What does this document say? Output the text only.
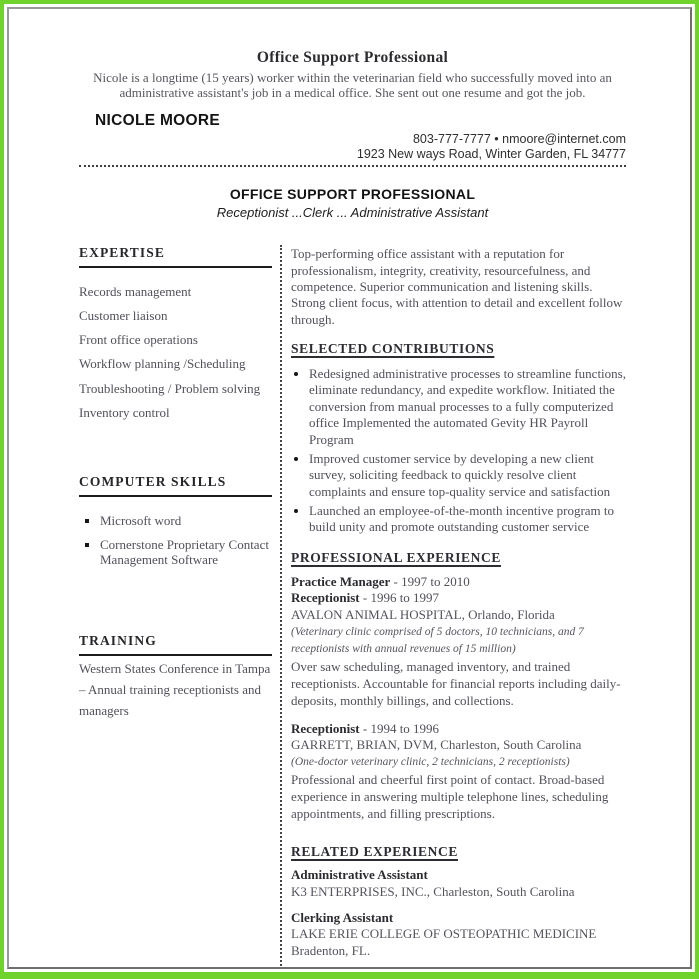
Office Support Professional

Nicole is a longtime (15 years) worker within the veterinarian field who successfully moved into an administrative assistant's job in a medical office. She sent out one resume and got the job.

NICOLE MOORE
803-777-7777 • nmoore@internet.com
1923 New ways Road, Winter Garden, FL 34777
OFFICE SUPPORT PROFESSIONAL
Receptionist ...Clerk ... Administrative Assistant
EXPERTISE
Records management
Customer liaison
Front office operations
Workflow planning /Scheduling
Troubleshooting / Problem solving
Inventory control
COMPUTER SKILLS
▪ Microsoft word
▪ Cornerstone Proprietary Contact Management Software
TRAINING

Western States Conference in Tampa – Annual training receptionists and managers

Top-performing office assistant with a reputation for professionalism, integrity, creativity, resourcefulness, and competence. Superior communication and listening skills. Strong client focus, with attention to detail and excellent follow through.

SELECTED CONTRIBUTIONS
• Redesigned administrative processes to streamline functions, eliminate redundancy, and expedite workflow. Initiated the conversion from manual processes to a fully computerized office Implemented the automated Gevity HR Payroll Program
• Improved customer service by developing a new client survey, soliciting feedback to quickly resolve client complaints and ensure top-quality service and satisfaction
• Launched an employee-of-the-month incentive program to build unity and promote outstanding customer service
PROFESSIONAL EXPERIENCE
Practice Manager - 1997 to 2010
Receptionist - 1996 to 1997
AVALON ANIMAL HOSPITAL, Orlando, Florida
(Veterinary clinic comprised of 5 doctors, 10 technicians, and 7 receptionists with annual revenues of 15 million)

Over saw scheduling, managed inventory, and trained receptionists. Accountable for financial reports including daily-deposits, monthly billings, and collections.

Receptionist - 1994 to 1996
GARRETT, BRIAN, DVM, Charleston, South Carolina
(One-doctor veterinary clinic, 2 technicians, 2 receptionists)

Professional and cheerful first point of contact. Broad-based experience in answering multiple telephone lines, scheduling appointments, and filling prescriptions.

RELATED EXPERIENCE
Administrative Assistant
K3 ENTERPRISES, INC., Charleston, South Carolina
Clerking Assistant
LAKE ERIE COLLEGE OF OSTEOPATHIC MEDICINE
Bradenton, FL.
